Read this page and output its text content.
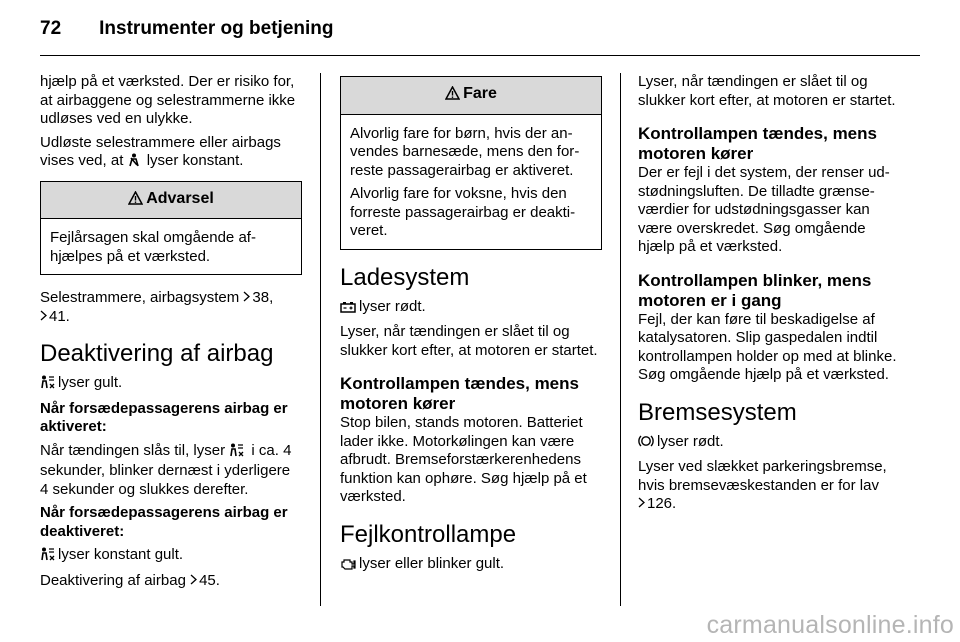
72 Instrumenter og betjening

hjælp på et værksted. Der er risiko for, at airbaggene og selestrammerne ikke udløses ved en ulykke.

Udløste selestrammere eller airbags vises ved, at lyser konstant.

Advarsel
Fejlårsagen skal omgående afhjælpes på et værksted.

Selestrammere, airbagsystem 38,
41.

Deaktivering af airbag

lyser gult.

Når forsædepassagerens airbag er aktiveret:

Når tændingen slås til, lyser i ca. 4 sekunder, blinker dernæst i yderligere 4 sekunder og slukkes derefter.

Når forsædepassagerens airbag er deaktiveret:

lyser konstant gult.

Deaktivering af airbag 45.

Fare

Alvorlig fare for børn, hvis der anvendes barnesæde, mens den forreste passagerairbag er aktiveret.

Alvorlig fare for voksne, hvis den forreste passagerairbag er deaktiveret.

Ladesystem

lyser rødt.

Lyser, når tændingen er slået til og slukker kort efter, at motoren er startet.

Kontrollampen tændes, mens motoren kører

Stop bilen, stands motoren. Batteriet lader ikke. Motorkølingen kan være afbrudt. Bremseforstærkerenhedens funktion kan ophøre. Søg hjælp på et værksted.

Fejlkontrollampe

lyser eller blinker gult.

Lyser, når tændingen er slået til og slukker kort efter, at motoren er startet.

Kontrollampen tændes, mens motoren kører

Der er fejl i det system, der renser udstødningsluften. De tilladte grænseværdier for udstødningsgasser kan være overskredet. Søg omgående hjælp på et værksted.

Kontrollampen blinker, mens motoren er i gang

Fejl, der kan føre til beskadigelse af katalysatoren. Slip gaspedalen indtil kontrollampen holder op med at blinke. Søg omgående hjælp på et værksted.

Bremsesystem

lyser rødt.

Lyser ved slækket parkeringsbremse, hvis bremsevæskestanden er for lav
126.

carmanualsonline.info
